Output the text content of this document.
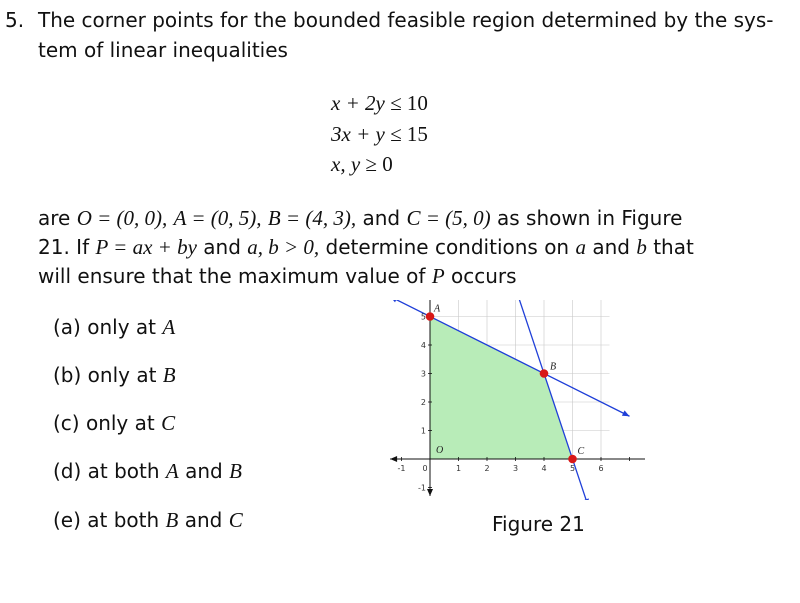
5. The corner points for the bounded feasible region determined by the sys-
tem of linear inequalities
x + 2y ≤ 10
3x + y ≤ 15
x, y ≥ 0
are O = (0, 0), A = (0, 5), B = (4, 3), and C = (5, 0) as shown in Figure
21. If P = ax + by and a, b > 0, determine conditions on a and b that
will ensure that the maximum value of P occurs
(a) only at A
(b) only at B
(c) only at C
(d) at both A and B
(e) at both B and C
-1 0	1	2	3	4	5	6
-1
1
2
3
4
5
O
A
B
C
Figure 21
